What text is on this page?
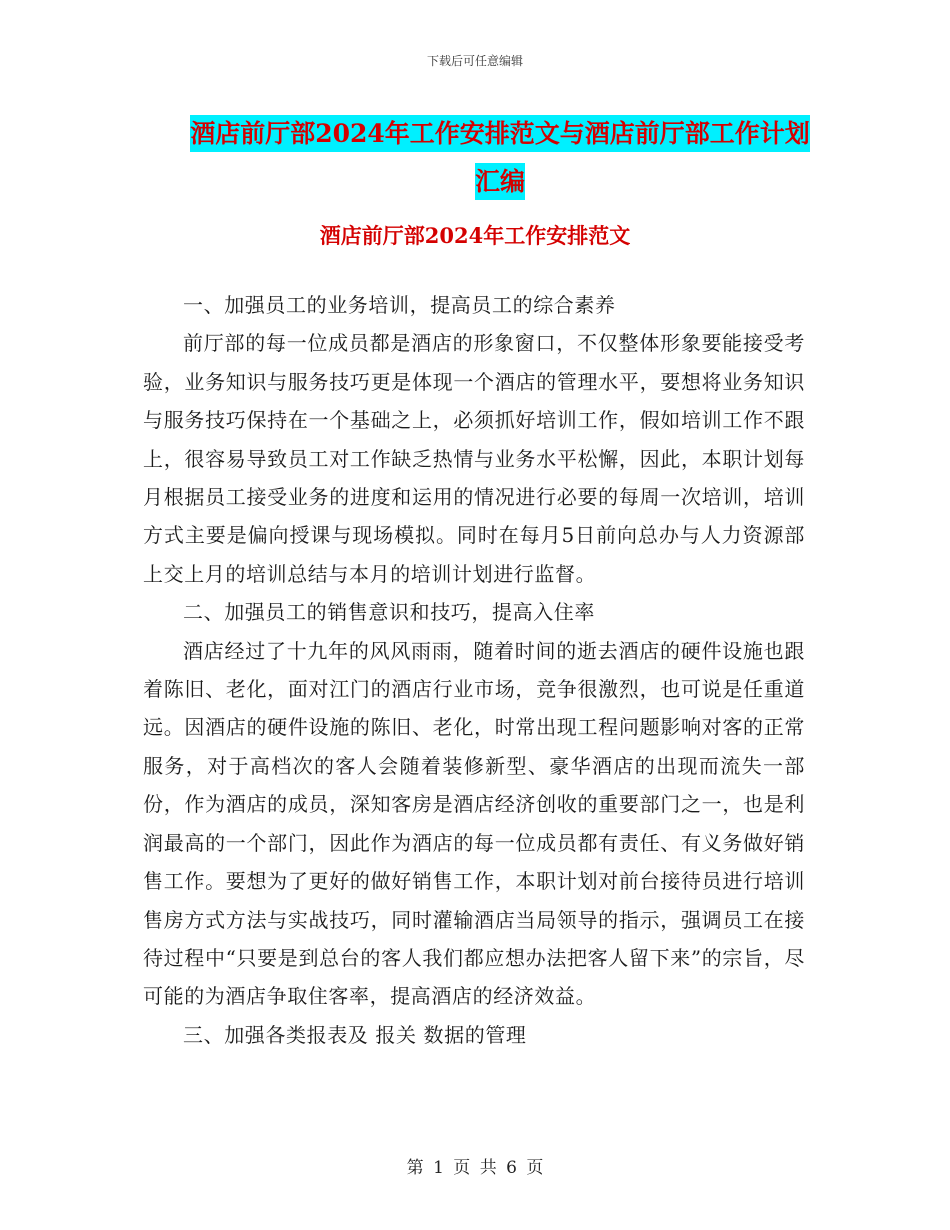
下载后可任意编辑
酒店前厅部2024年工作安排范文与酒店前厅部工作计划汇编
酒店前厅部2024年工作安排范文

一、加强员工的业务培训，提高员工的综合素养

前厅部的每一位成员都是酒店的形象窗口，不仅整体形象要能接受考验，业务知识与服务技巧更是体现一个酒店的管理水平，要想将业务知识与服务技巧保持在一个基础之上，必须抓好培训工作，假如培训工作不跟上，很容易导致员工对工作缺乏热情与业务水平松懈，因此，本职计划每月根据员工接受业务的进度和运用的情况进行必要的每周一次培训，培训方式主要是偏向授课与现场模拟。同时在每月5日前向总办与人力资源部上交上月的培训总结与本月的培训计划进行监督。

二、加强员工的销售意识和技巧，提高入住率

酒店经过了十九年的风风雨雨，随着时间的逝去酒店的硬件设施也跟着陈旧、老化，面对江门的酒店行业市场，竞争很激烈，也可说是任重道远。因酒店的硬件设施的陈旧、老化，时常出现工程问题影响对客的正常服务，对于高档次的客人会随着装修新型、豪华酒店的出现而流失一部份，作为酒店的成员，深知客房是酒店经济创收的重要部门之一，也是利润最高的一个部门，因此作为酒店的每一位成员都有责任、有义务做好销售工作。要想为了更好的做好销售工作，本职计划对前台接待员进行培训售房方式方法与实战技巧，同时灌输酒店当局领导的指示，强调员工在接待过程中“只要是到总台的客人我们都应想办法把客人留下来”的宗旨，尽可能的为酒店争取住客率，提高酒店的经济效益。

三、加强各类报表及 报关 数据的管理

第 1 页 共 6 页
